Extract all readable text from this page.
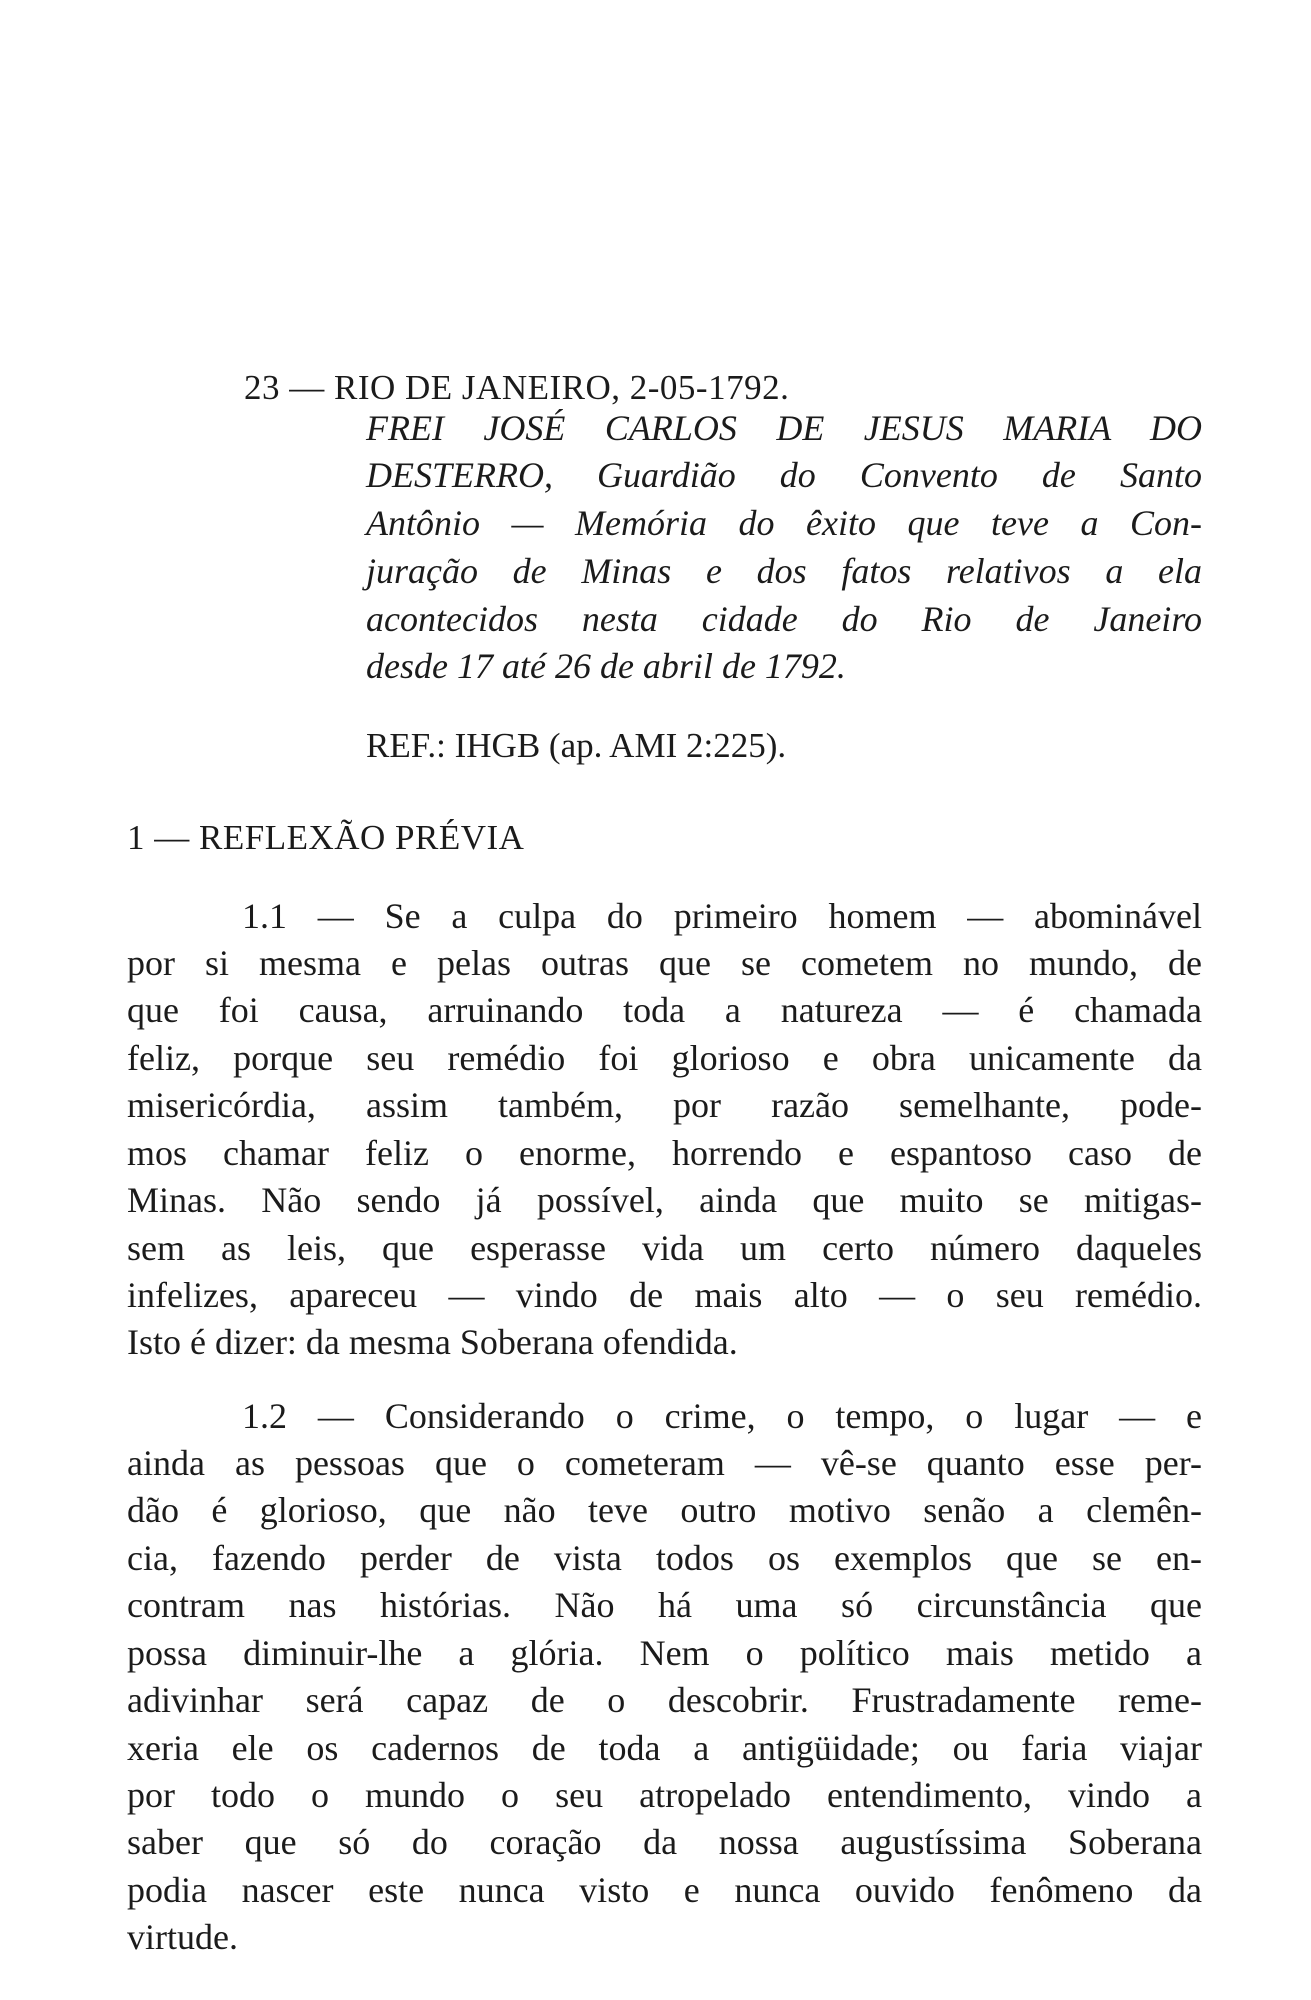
23 — RIO DE JANEIRO, 2-05-1792.
FREI JOSÉ CARLOS DE JESUS MARIA DO
DESTERRO, Guardião do Convento de Santo
Antônio — Memória do êxito que teve a Con-
juração de Minas e dos fatos relativos a ela
acontecidos nesta cidade do Rio de Janeiro
desde 17 até 26 de abril de 1792.
REF.: IHGB (ap. AMI 2:225).
1 — REFLEXÃO PRÉVIA
1.1 — Se a culpa do primeiro homem — abominável
por si mesma e pelas outras que se cometem no mundo, de
que foi causa, arruinando toda a natureza — é chamada
feliz, porque seu remédio foi glorioso e obra unicamente da
misericórdia, assim também, por razão semelhante, pode-
mos chamar feliz o enorme, horrendo e espantoso caso de
Minas. Não sendo já possível, ainda que muito se mitigas-
sem as leis, que esperasse vida um certo número daqueles
infelizes, apareceu — vindo de mais alto — o seu remédio.
Isto é dizer: da mesma Soberana ofendida.
1.2 — Considerando o crime, o tempo, o lugar — e
ainda as pessoas que o cometeram — vê-se quanto esse per-
dão é glorioso, que não teve outro motivo senão a clemên-
cia, fazendo perder de vista todos os exemplos que se en-
contram nas histórias. Não há uma só circunstância que
possa diminuir-lhe a glória. Nem o político mais metido a
adivinhar será capaz de o descobrir. Frustradamente reme-
xeria ele os cadernos de toda a antigüidade; ou faria viajar
por todo o mundo o seu atropelado entendimento, vindo a
saber que só do coração da nossa augustíssima Soberana
podia nascer este nunca visto e nunca ouvido fenômeno da
virtude.
